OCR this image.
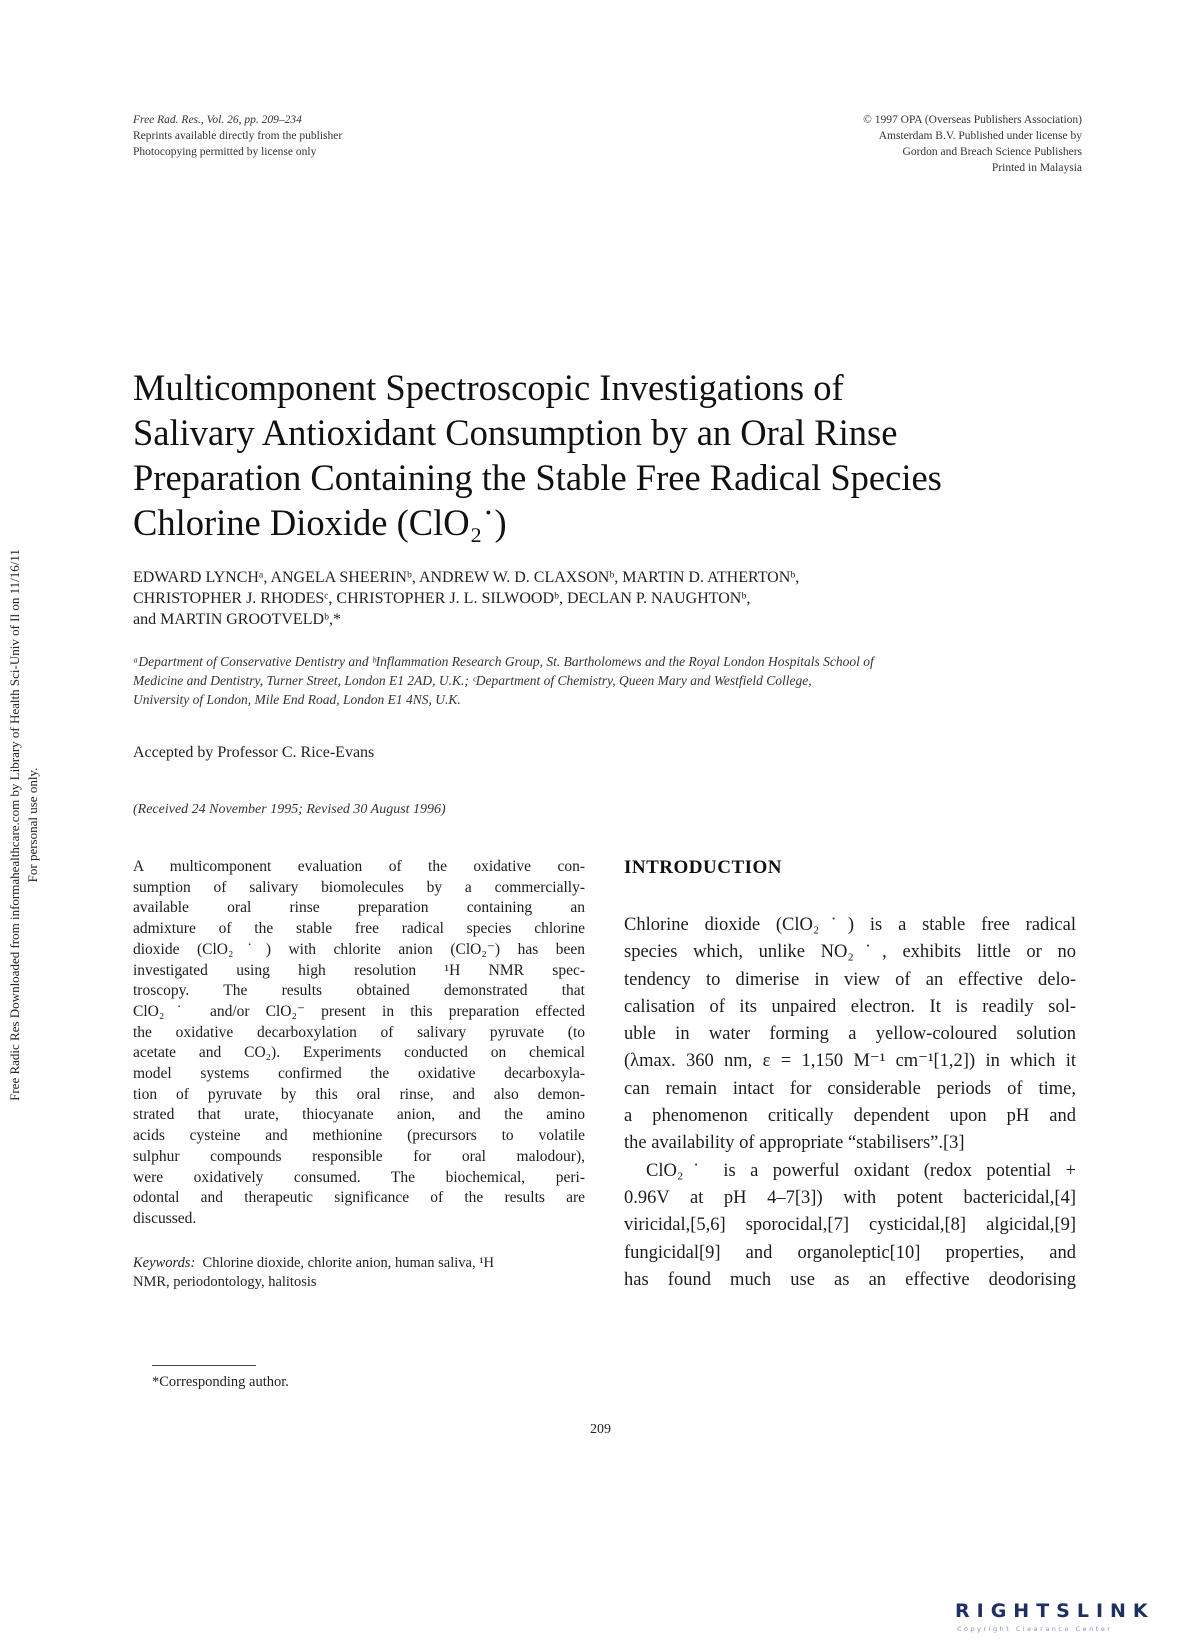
Free Rad. Res., Vol. 26, pp. 209–234
Reprints available directly from the publisher
Photocopying permitted by license only
© 1997 OPA (Overseas Publishers Association)
Amsterdam B.V. Published under license by
Gordon and Breach Science Publishers
Printed in Malaysia
Free Radic Res Downloaded from informahealthcare.com by Library of Health Sci-Univ of Il on 11/16/11 For personal use only.
Multicomponent Spectroscopic Investigations of
Salivary Antioxidant Consumption by an Oral Rinse
Preparation Containing the Stable Free Radical Species
Chlorine Dioxide (ClO₂˙)
EDWARD LYNCHᵃ, ANGELA SHEERINᵇ, ANDREW W. D. CLAXSONᵇ, MARTIN D. ATHERTONᵇ,
CHRISTOPHER J. RHODESᶜ, CHRISTOPHER J. L. SILWOODᵇ, DECLAN P. NAUGHTONᵇ,
and MARTIN GROOTVELDᵇ,*
ᵃDepartment of Conservative Dentistry and ᵇInflammation Research Group, St. Bartholomews and the Royal London Hospitals School of
Medicine and Dentistry, Turner Street, London E1 2AD, U.K.; ᶜDepartment of Chemistry, Queen Mary and Westfield College,
University of London, Mile End Road, London E1 4NS, U.K.
Accepted by Professor C. Rice-Evans
(Received 24 November 1995; Revised 30 August 1996)
A multicomponent evaluation of the oxidative con-
sumption of salivary biomolecules by a commercially-
available oral rinse preparation containing an
admixture of the stable free radical species chlorine
dioxide (ClO₂˙) with chlorite anion (ClO₂⁻) has been
investigated using high resolution ¹H NMR spec-
troscopy. The results obtained demonstrated that
ClO₂˙ and/or ClO₂⁻ present in this preparation effected
the oxidative decarboxylation of salivary pyruvate (to
acetate and CO₂). Experiments conducted on chemical
model systems confirmed the oxidative decarboxyla-
tion of pyruvate by this oral rinse, and also demon-
strated that urate, thiocyanate anion, and the amino
acids cysteine and methionine (precursors to volatile
sulphur compounds responsible for oral malodour),
were oxidatively consumed. The biochemical, peri-
odontal and therapeutic significance of the results are
discussed.
Keywords: Chlorine dioxide, chlorite anion, human saliva, ¹H
NMR, periodontology, halitosis
INTRODUCTION
Chlorine dioxide (ClO₂˙) is a stable free radical
species which, unlike NO₂˙, exhibits little or no
tendency to dimerise in view of an effective delo-
calisation of its unpaired electron. It is readily sol-
uble in water forming a yellow-coloured solution
(λmax. 360 nm, ε = 1,150 M⁻¹ cm⁻¹[1,2]) in which it
can remain intact for considerable periods of time,
a phenomenon critically dependent upon pH and
the availability of appropriate “stabilisers”.[3]
ClO₂˙ is a powerful oxidant (redox potential +
0.96V at pH 4–7[3]) with potent bactericidal,[4]
viricidal,[5,6] sporocidal,[7] cysticidal,[8] algicidal,[9]
fungicidal[9] and organoleptic[10] properties, and
has found much use as an effective deodorising
*Corresponding author.
209
RIGHTSLINK
Copyright Clearance Center
